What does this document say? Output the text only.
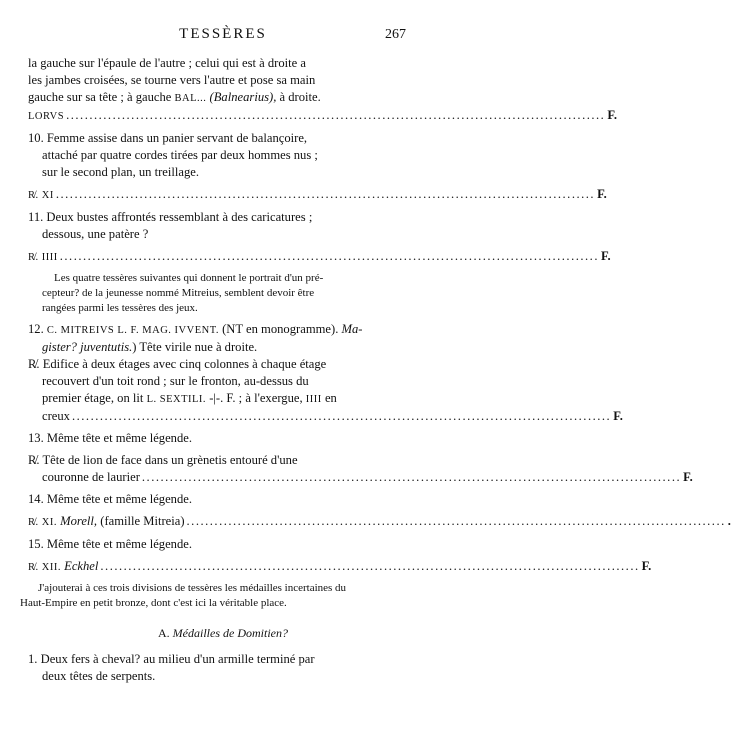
TESSÈRES	267

la gauche sur l'épaule de l'autre ; celui qui est à droite a

les jambes croisées, se tourne vers l'autre et pose sa main

gauche sur sa tête ; à gauche BAL... (Balnearius), à droite.

LORVS .................................................................................................................... F.

10. Femme assise dans un panier servant de balançoire,

attaché par quatre cordes tirées par deux hommes nus ;

sur le second plan, un treillage.

R̸. XI .................................................................................................................... F.

11. Deux bustes affrontés ressemblant à des caricatures ;

dessous, une patère ?

R̸. IIII .................................................................................................................... F.

Les quatre tessères suivantes qui donnent le portrait d'un pré-

cepteur? de la jeunesse nommé Mitreius, semblent devoir être

rangées parmi les tessères des jeux.

12. C. MITREIVS L. F. MAG. IVVENT. (NT en monogramme). Ma-

gister? juventutis.) Tête virile nue à droite.

R̸. Edifice à deux étages avec cinq colonnes à chaque étage

recouvert d'un toit rond ; sur le fronton, au-dessus du

premier étage, on lit L. SEXTILI. -|-. F. ; à l'exergue, IIII en

creux .................................................................................................................... F.

13. Même tête et même légende.

R̸. Tête de lion de face dans un grènetis entouré d'une

couronne de laurier .................................................................................................................... F.

14. Même tête et même légende.

R̸. XI. Morell, (famille Mitreia) .................................................................................................................... .

15. Même tête et même légende.

R̸. XII. Eckhel .................................................................................................................... F.

J'ajouterai à ces trois divisions de tessères les médailles incertaines du

Haut-Empire en petit bronze, dont c'est ici la véritable place.

A. Médailles de Domitien?

1. Deux fers à cheval? au milieu d'un armille terminé par

deux têtes de serpents.
